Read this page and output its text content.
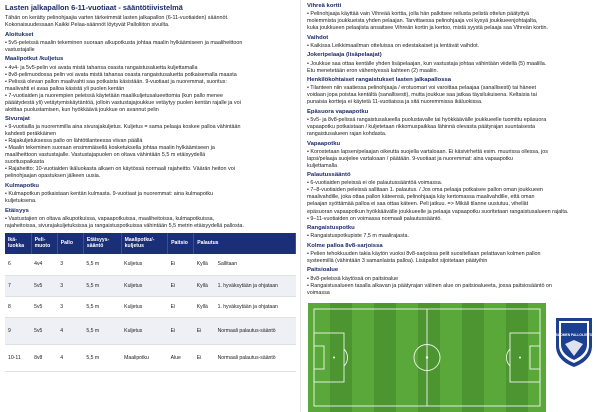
Lasten jalkapallon 6-11-vuotiaat - sääntötiivistelmä

Tähän on kerätty pelinohjaajia varten tärkeimmät lasten jalkapallon (6-11-vuotiaiden) säännöt.

Kokonaisuudessaan Kaikki Pelaa-säännöt löytyvät Palloliiton sivuilta.

Aloitukset

• 5v5-peleissä maalin tekeminen suoraan alkupotkusta johtaa maalin hylkäämiseen ja maaliheittoon

vastustajalle

Maalipotkut /kuljetus

• 4v4- ja 5v5-pelin voi avata mistä tahansa osasta rangaistusaluetta kuljettamalla

• 8v8-pelimuodossa pelin voi avata mistä tahansa osasta rangaistusaluetta potkaisemalla maasta

• Pelissä olevan pallon maalivahti saa potkaista käsistään. 9-vuotiaat ja nuoremmat, suoritus:

maalivahti ei avaa palloa käsistä yli puolen kentän

• 7-vuotiaiden ja nuorempien peleissä käytetään maalikuljetusalueettomia (kun pallo menee

pääätydestä yli) vetäytymiskäytäntöä, jolloin vastustajajoukkue vetäytyy puolen kentän rajalle ja voi

aloittaa puolustamisen, kun hyökkäävä joukkue on avannut pelin

Sivurajat

• 9-vuotiailla ja nuoremmilla aina sivurajakuljetus. Kuljetus = sama pelaaja koskee palloa vähintään

kahdesti peräkkäinen

• Rajakuljetuksessa pallo on lähtötilanteessa viivan päällä

• Maalin tekeminen suoraan ensimmäisellä kosketuksella johtaa maalin hylkäämiseen ja

maaliheittoon vastustajalle. Vastustajapuolen on oltava vähintään 5,5 m etäisyydellä

suorituspaikasta

• Rajaheitto: 10-vuotiaiden ikäluokasta alkaen on käytössä normaali rajaheitto. Väärän heiton voi

pelinohjaajan opastuksen jälkeen uusia.

Kulmapotku

• Kulmapotkun potkaistaan kentän kulmasta. 9-vuotiaat ja nuoremmat: aina kulmapotku

kuljetuksena.

Etäisyys

• Vastustajien on oltava alkupotkuissa, vapaapotkuissa, maaliheitoissa, kulmapotkuissa,

rajaheitoissa, sivurajakuljetuksissa ja rangaistuspotkuissa vähintään 5,5 metrin etäisyydellä pallosta.

Ikä-luokka	Peli-muoto	Pallo	Etäisyys-sääntö	Maalipotku/-kuljetus	Paitsio	Palautus	
6	4v4	3	5,5 m	Kuljetus	Ei	Kyllä	Sallitaan
7	5v5	3	5,5 m	Kuljetus	Ei	Kyllä	1. hyväksytään ja ohjataan
8	5v5	3	5,5 m	Kuljetus	Ei	Kyllä	1. hyväksytään ja ohjataan
9	5v5	4	5,5 m	Kuljetus	Ei	Ei	Normaali palautus-sääntö
10-11	8v8	4	5,5 m	Maalipotku	Alue	Ei	Normaali palautus-sääntö
Vihreä kortti

• Pelinohjaaja käyttää vain Vihreää korttia, jolla hän palkitsee reilusta pelistä ottelun päätyttyä

molemmista joukkueista yhden pelaajan. Tarvittaessa pelinohjaaja voi kysyä joukkueenjohtajalta,

kuka joukkueen pelaajista ansaitsee Vihreän kortin ja kertoo, mistä syystä pelaaja saa Vihreän kortin.

Vaihdot

• Kaikissa Leikkimaailman otteluissa on edestakaiset ja lentävät vaihdot.

Jokeripelaaja (lisäpelaajat)

• Joukkue saa ottaa kentälle yhden lisäpelaajan, kun vastustaja johtaa vähintään viidellä (5) maalilla.

Etu menetetään eron vähentyessä kahteen (2) maaliin.

Henkilökohtaiset rangaistukset lasten jalkapallossa

• Tilanteen niin vaatiessa pelinohjaaja / erotuomari voi varoittaa pelaajaa (sanallisesti) tai häneet

voidaan jopa poistaa kentältä (sanallisesti), mutta joukkue saa jatkaa täysilukuisena. Keltaisia tai

punaisia kortteja ei käytetä 11-vuotiaissa ja sitä nuoremmissa ikäluokissa.

Epäsuora vapaapotku

• 5v5- ja 8v8-pelissä rangaistusalueella puolustavalle tai hyökkäävälle joukkueelle tuomittu epäsuora

vapaapotku potkaistaan / kuljetetaan rikkomuspaikkaa lähinnä olevasta päätyrajan suuntaisesta

rangaistusalueen rajan kohdasta.

Vapaapotku

• Korostetaan lapsen/pelaajan oikeutta suojella vartaloaan. Ei käsivirhettä esim. muurissa ollessa, jos

lapsi/pelaaja suojelee vartaloaan / päätään. 9-vuotiaat ja nuoremmat: aina vapaapotku

kuljettamalla

Palautussääntö

• 6-vuotiaiden peleissä ei ole palautussääntöä voimassa.

• 7–8-vuotiaiden peleissä sallitaan 1. palautus. / Jos oma pelaaja potkaisee pallon oman joukkueen

maalivahdille, joka ottaa pallon käteensä, pelinohjaaja käy kertomassa maalivahdille, että oman

pelaajan syöttämää palloa ei saa ottaa käteen. Peli jatkuu. => Mikäli tilanne uusiutuu, vihellät

epäsuoran vapaapotkun hyökkäävälle joukkueelle ja pelaaja vapaapotku suoritetaan rangaistusalueen rajalta.

• 9–11-vuotiaiden on voimassa normaali palautussääntö.

Rangaistuspotku

• Rangaistuspotkupiste 7,5 m maalirajasta.

Kolme palloa 8v8-sarjoissa

• Pelien tehokkuuden takia käytön vuoksi 8v8-sarjoissa pelit suositellaan pelattavan kolmen pallon

systeemillä (vähintään 3 samanlaista palloa). Lisäpallot sijoitetaan päätyihin

Paitsioalue

• 8v8-peleissä käytössä on paitsioalue

• Rangaistusalueen tasalla alkavan ja päätyrajan välinen alue on paitsioalueeta, jossa paitsiosääntö on

voimassa

SUOMEN PALLOLIITTO
